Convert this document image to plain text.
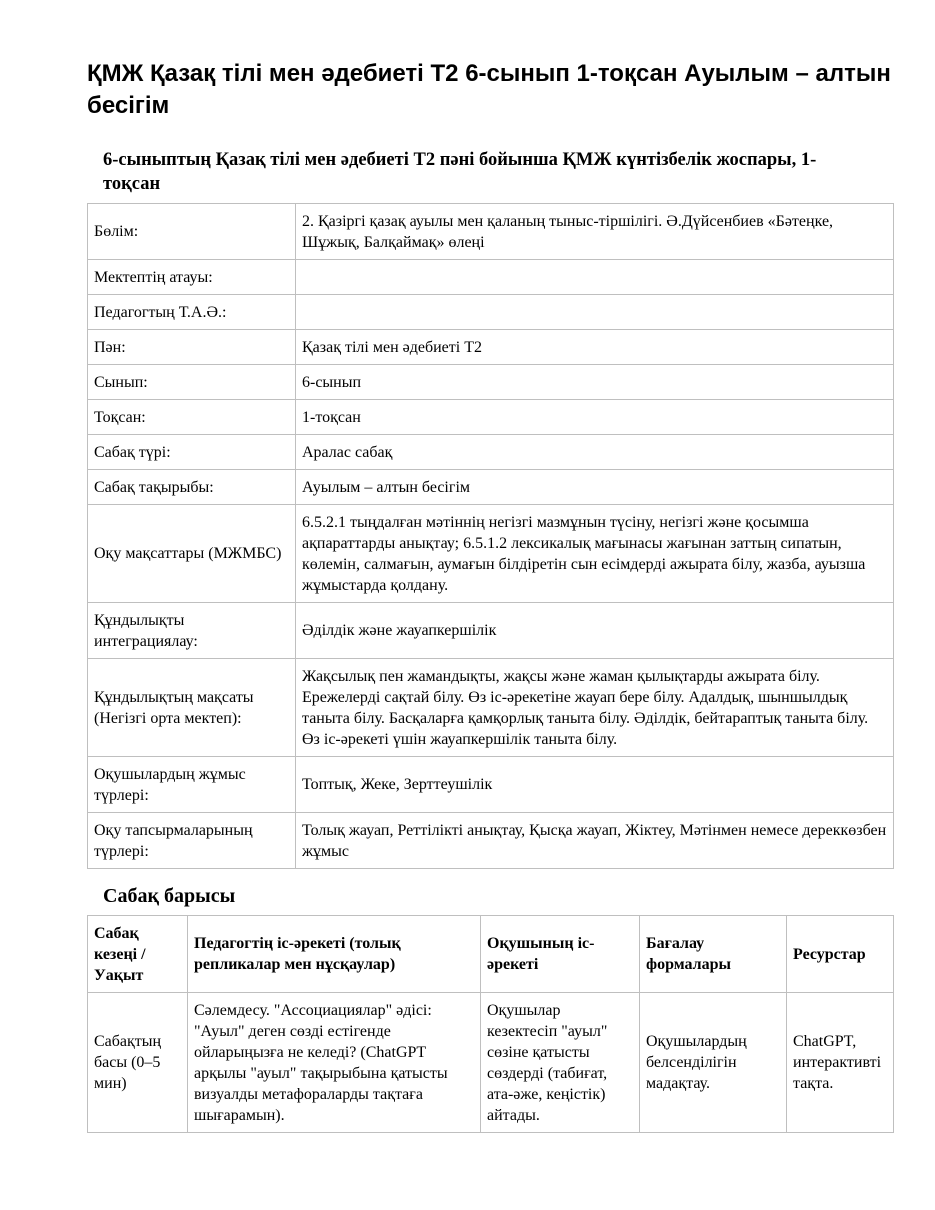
ҚМЖ Қазақ тілі мен әдебиеті Т2 6-сынып 1-тоқсан Ауылым – алтын бесігім
6-сыныптың Қазақ тілі мен әдебиеті Т2 пәні бойынша ҚМЖ күнтізбелік жоспары, 1-тоқсан
Бөлім:	2. Қазіргі қазақ ауылы мен қаланың тыныс-тіршілігі. Ә.Дүйсенбиев «Бәтеңке, Шұжық, Балқаймақ» өлеңі
Мектептің атауы:	
Педагогтың Т.А.Ә.:	
Пән:	Қазақ тілі мен әдебиеті Т2
Сынып:	6-сынып
Тоқсан:	1-тоқсан
Сабақ түрі:	Аралас сабақ
Сабақ тақырыбы:	Ауылым – алтын бесігім
Оқу мақсаттары (МЖМБС)	6.5.2.1 тыңдалған мәтіннің негізгі мазмұнын түсіну, негізгі және қосымша ақпараттарды анықтау; 6.5.1.2 лексикалық мағынасы жағынан заттың сипатын, көлемін, салмағын, аумағын білдіретін сын есімдерді ажырата білу, жазба, ауызша жұмыстарда қолдану.
Құндылықты интеграциялау:	Әділдік және жауапкершілік
Құндылықтың мақсаты (Негізгі орта мектеп):	Жақсылық пен жамандықты, жақсы және жаман қылықтарды ажырата білу. Ережелерді сақтай білу. Өз іс-әрекетіне жауап бере білу. Адалдық, шыншылдық таныта білу. Басқаларға қамқорлық таныта білу. Әділдік, бейтараптық таныта білу. Өз іс-әрекеті үшін жауапкершілік таныта білу.
Оқушылардың жұмыс түрлері:	Топтық, Жеке, Зерттеушілік
Оқу тапсырмаларының түрлері:	Толық жауап, Реттілікті анықтау, Қысқа жауап, Жіктеу, Мәтінмен немесе дереккөзбен жұмыс
Сабақ барысы
Сабақ кезеңі / Уақыт	Педагогтің іс-әрекеті (толық репликалар мен нұсқаулар)	Оқушының іс-әрекеті	Бағалау формалары	Ресурстар
Сабақтың басы (0–5 мин)	Сәлемдесу. "Ассоциациялар" әдісі: "Ауыл" деген сөзді естігенде ойларыңызға не келеді? (ChatGPT арқылы "ауыл" тақырыбына қатысты визуалды метафораларды тақтаға шығарамын).	Оқушылар кезектесіп "ауыл" сөзіне қатысты сөздерді (табиғат, ата-әже, кеңістік) айтады.	Оқушылардың белсенділігін мадақтау.	ChatGPT, интерактивті тақта.
